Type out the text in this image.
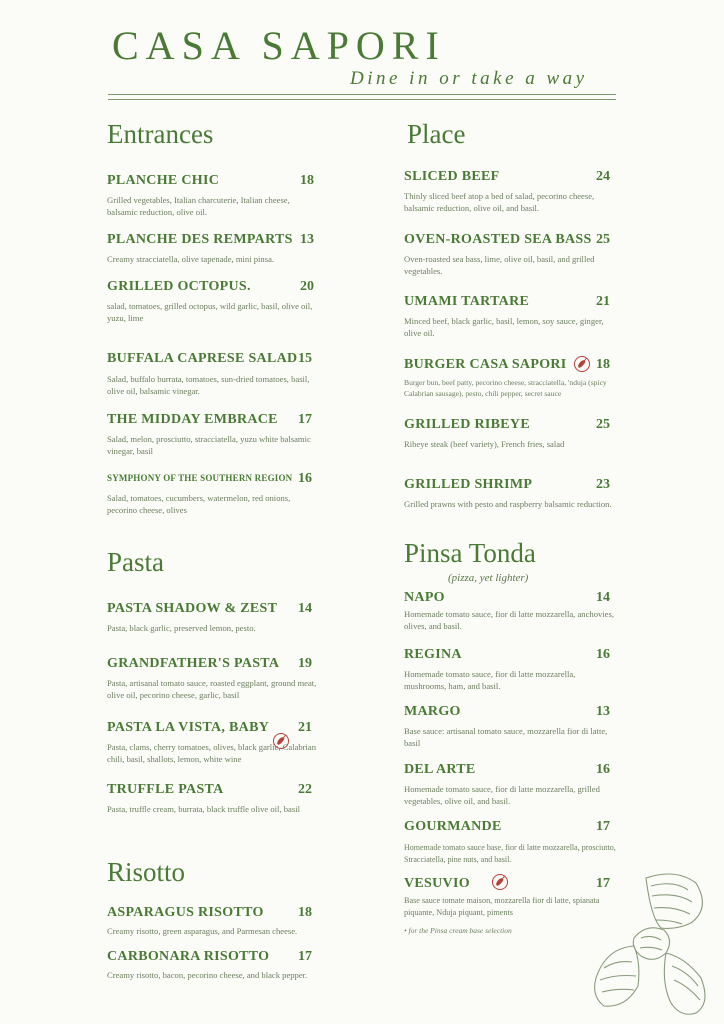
CASA SAPORI
Dine in or take a way
Entrances
PLANCHE CHIC	18
Grilled vegetables, Italian charcuterie, Italian cheese, balsamic reduction, olive oil.
PLANCHE DES REMPARTS 13
Creamy stracciatella, olive tapenade, mini pinsa.
GRILLED OCTOPUS.	20
salad, tomatoes, grilled octopus, wild garlic, basil, olive oil, yuzu, lime
BUFFALA CAPRESE SALAD 15
Salad, buffalo burrata, tomatoes, sun-dried tomatoes, basil, olive oil, balsamic vinegar.
THE MIDDAY EMBRACE 17
Salad, melon, prosciutto, stracciatella, yuzu white balsamic vinegar, basil
SYMPHONY OF THE SOUTHERN REGION 16
Salad, tomatoes, cucumbers, watermelon, red onions, pecorino cheese, olives
Pasta
PASTA SHADOW & ZEST 14
Pasta, black garlic, preserved lemon, pesto.
GRANDFATHER'S PASTA 19
Pasta, artisanal tomato sauce, roasted eggplant, ground meat, olive oil, pecorino cheese, garlic, basil
PASTA LA VISTA, BABY 21
Pasta, clams, cherry tomatoes, olives, black garlic, Calabrian chili, basil, shallots, lemon, white wine
TRUFFLE PASTA	22
Pasta, truffle cream, burrata, black truffle olive oil, basil
Risotto
ASPARAGUS RISOTTO 18
Creamy risotto, green asparagus, and Parmesan cheese.
CARBONARA RISOTTO 17
Creamy risotto, bacon, pecorino cheese, and black pepper.
Place
SLICED BEEF	24
Thinly sliced beef atop a bed of salad, pecorino cheese, balsamic reduction, olive oil, and basil.
OVEN-ROASTED SEA BASS 25
Oven-roasted sea bass, lime, olive oil, basil, and grilled vegetables.
UMAMI TARTARE	21
Minced beef, black garlic, basil, lemon, soy sauce, ginger, olive oil.
BURGER CASA SAPORI 18
Burger bun, beef patty, pecorino cheese, stracciatella, 'nduja (spicy Calabrian sausage), pesto, chili pepper, secret sauce
GRILLED RIBEYE	25
Ribeye steak (beef variety), French fries, salad
GRILLED SHRIMP	23
Grilled prawns with pesto and raspberry balsamic reduction.
Pinsa Tonda
(pizza, yet lighter)
NAPO	14
Homemade tomato sauce, fior di latte mozzarella, anchovies, olives, and basil.
REGINA	16
Homemade tomato sauce, fior di latte mozzarella, mushrooms, ham, and basil.
MARGO	13
Base sauce: artisanal tomato sauce, mozzarella fior di latte, basil
DEL ARTE	16
Homemade tomato sauce, fior di latte mozzarella, grilled vegetables, olive oil, and basil.
GOURMANDE	17
Homemade tomato sauce base, fior di latte mozzarella, prosciutto, Stracciatella, pine nuts, and basil.
VESUVIO	17
Base sauce tomate maison, mozzarella fior di latte, spianata piquante, Nduja piquant, piments
• for the Pinsa cream base selection
